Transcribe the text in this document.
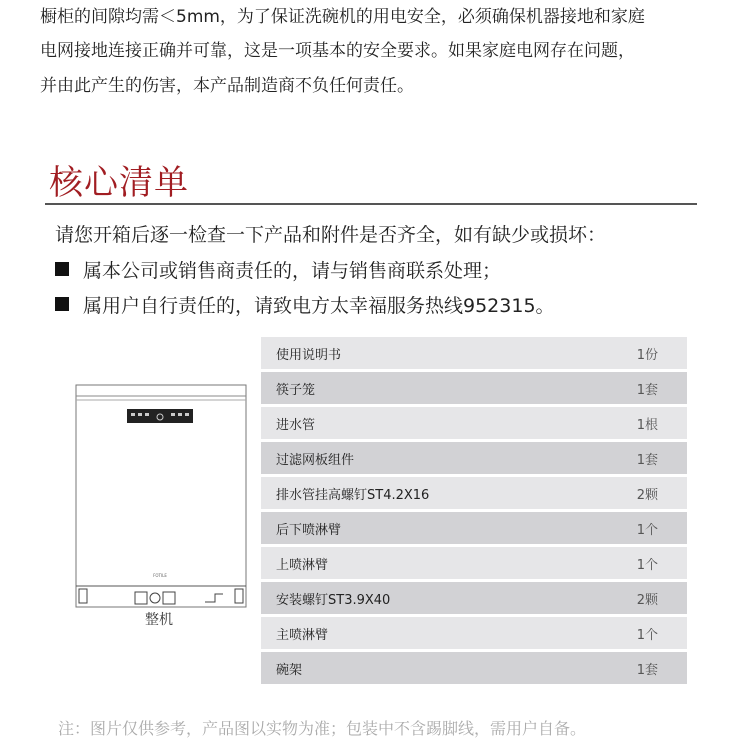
橱柜的间隙均需＜5mm，为了保证洗碗机的用电安全，必须确保机器接地和家庭
电网接地连接正确并可靠，这是一项基本的安全要求。如果家庭电网存在问题，
并由此产生的伤害，本产品制造商不负任何责任。
核心清单
请您开箱后逐一检查一下产品和附件是否齐全，如有缺少或损坏：
属本公司或销售商责任的，请与销售商联系处理；
属用户自行责任的，请致电方太幸福服务热线952315。
FOTILE
整机
使用说明书	1份
筷子笼	1套
进水管	1根
过滤网板组件	1套
排水管挂高螺钉ST4.2X16	2颗
后下喷淋臂	1个
上喷淋臂	1个
安装螺钉ST3.9X40	2颗
主喷淋臂	1个
碗架	1套
注：图片仅供参考，产品图以实物为准；包装中不含踢脚线，需用户自备。
